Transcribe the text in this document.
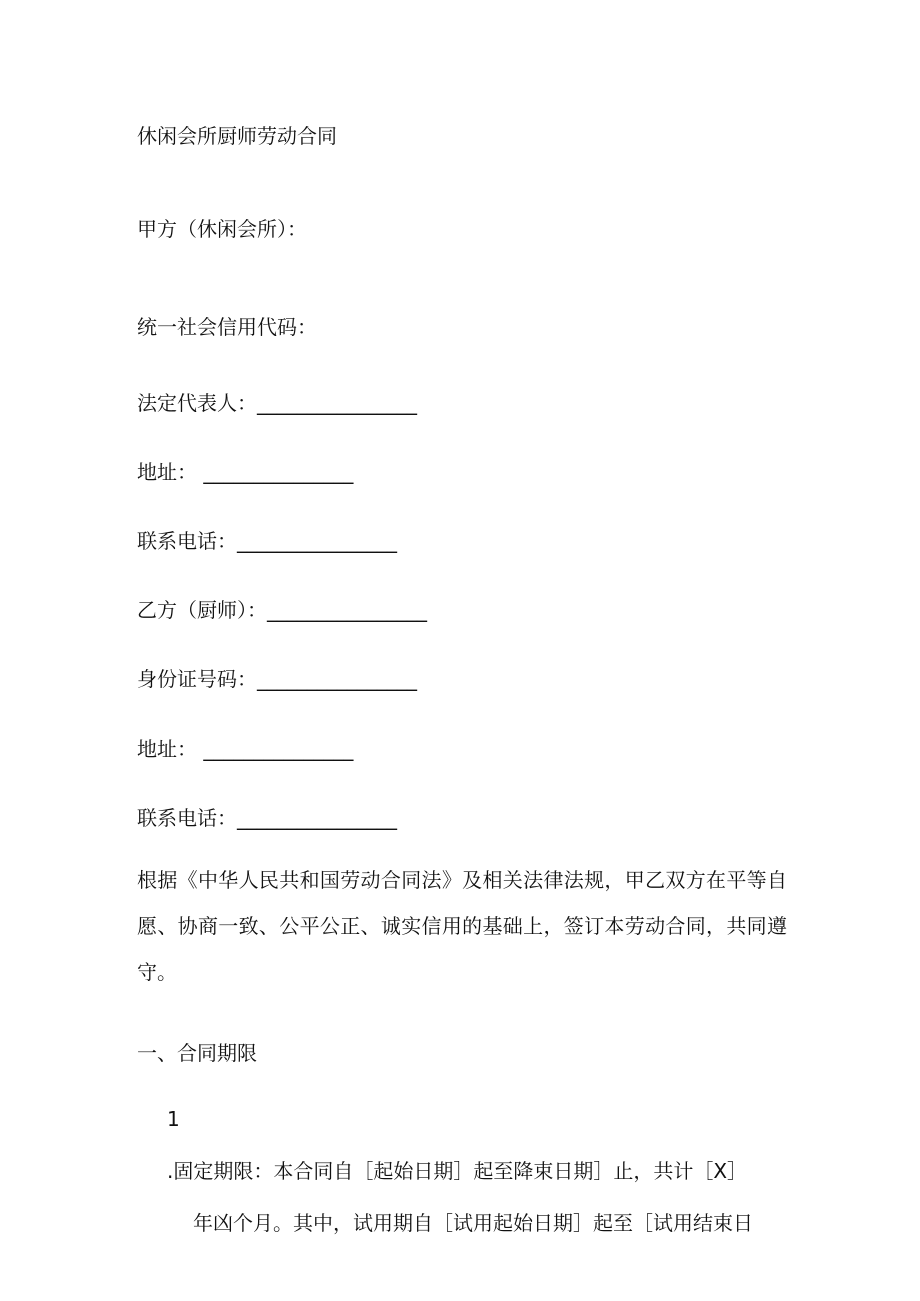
休闲会所厨师劳动合同

甲方（休闲会所）：

统一社会信用代码：

法定代表人：________________

地址： _______________

联系电话：________________

乙方（厨师）：________________

身份证号码：________________

地址： _______________

联系电话：________________

根据《中华人民共和国劳动合同法》及相关法律法规，甲乙双方在平等自愿、协商一致、公平公正、诚实信用的基础上，签订本劳动合同，共同遵守。

一、合同期限
1.固定期限：本合同自［起始日期］起至降束日期］止，共计［X］
年凶个月。其中，试用期自［试用起始日期］起至［试用结束日
